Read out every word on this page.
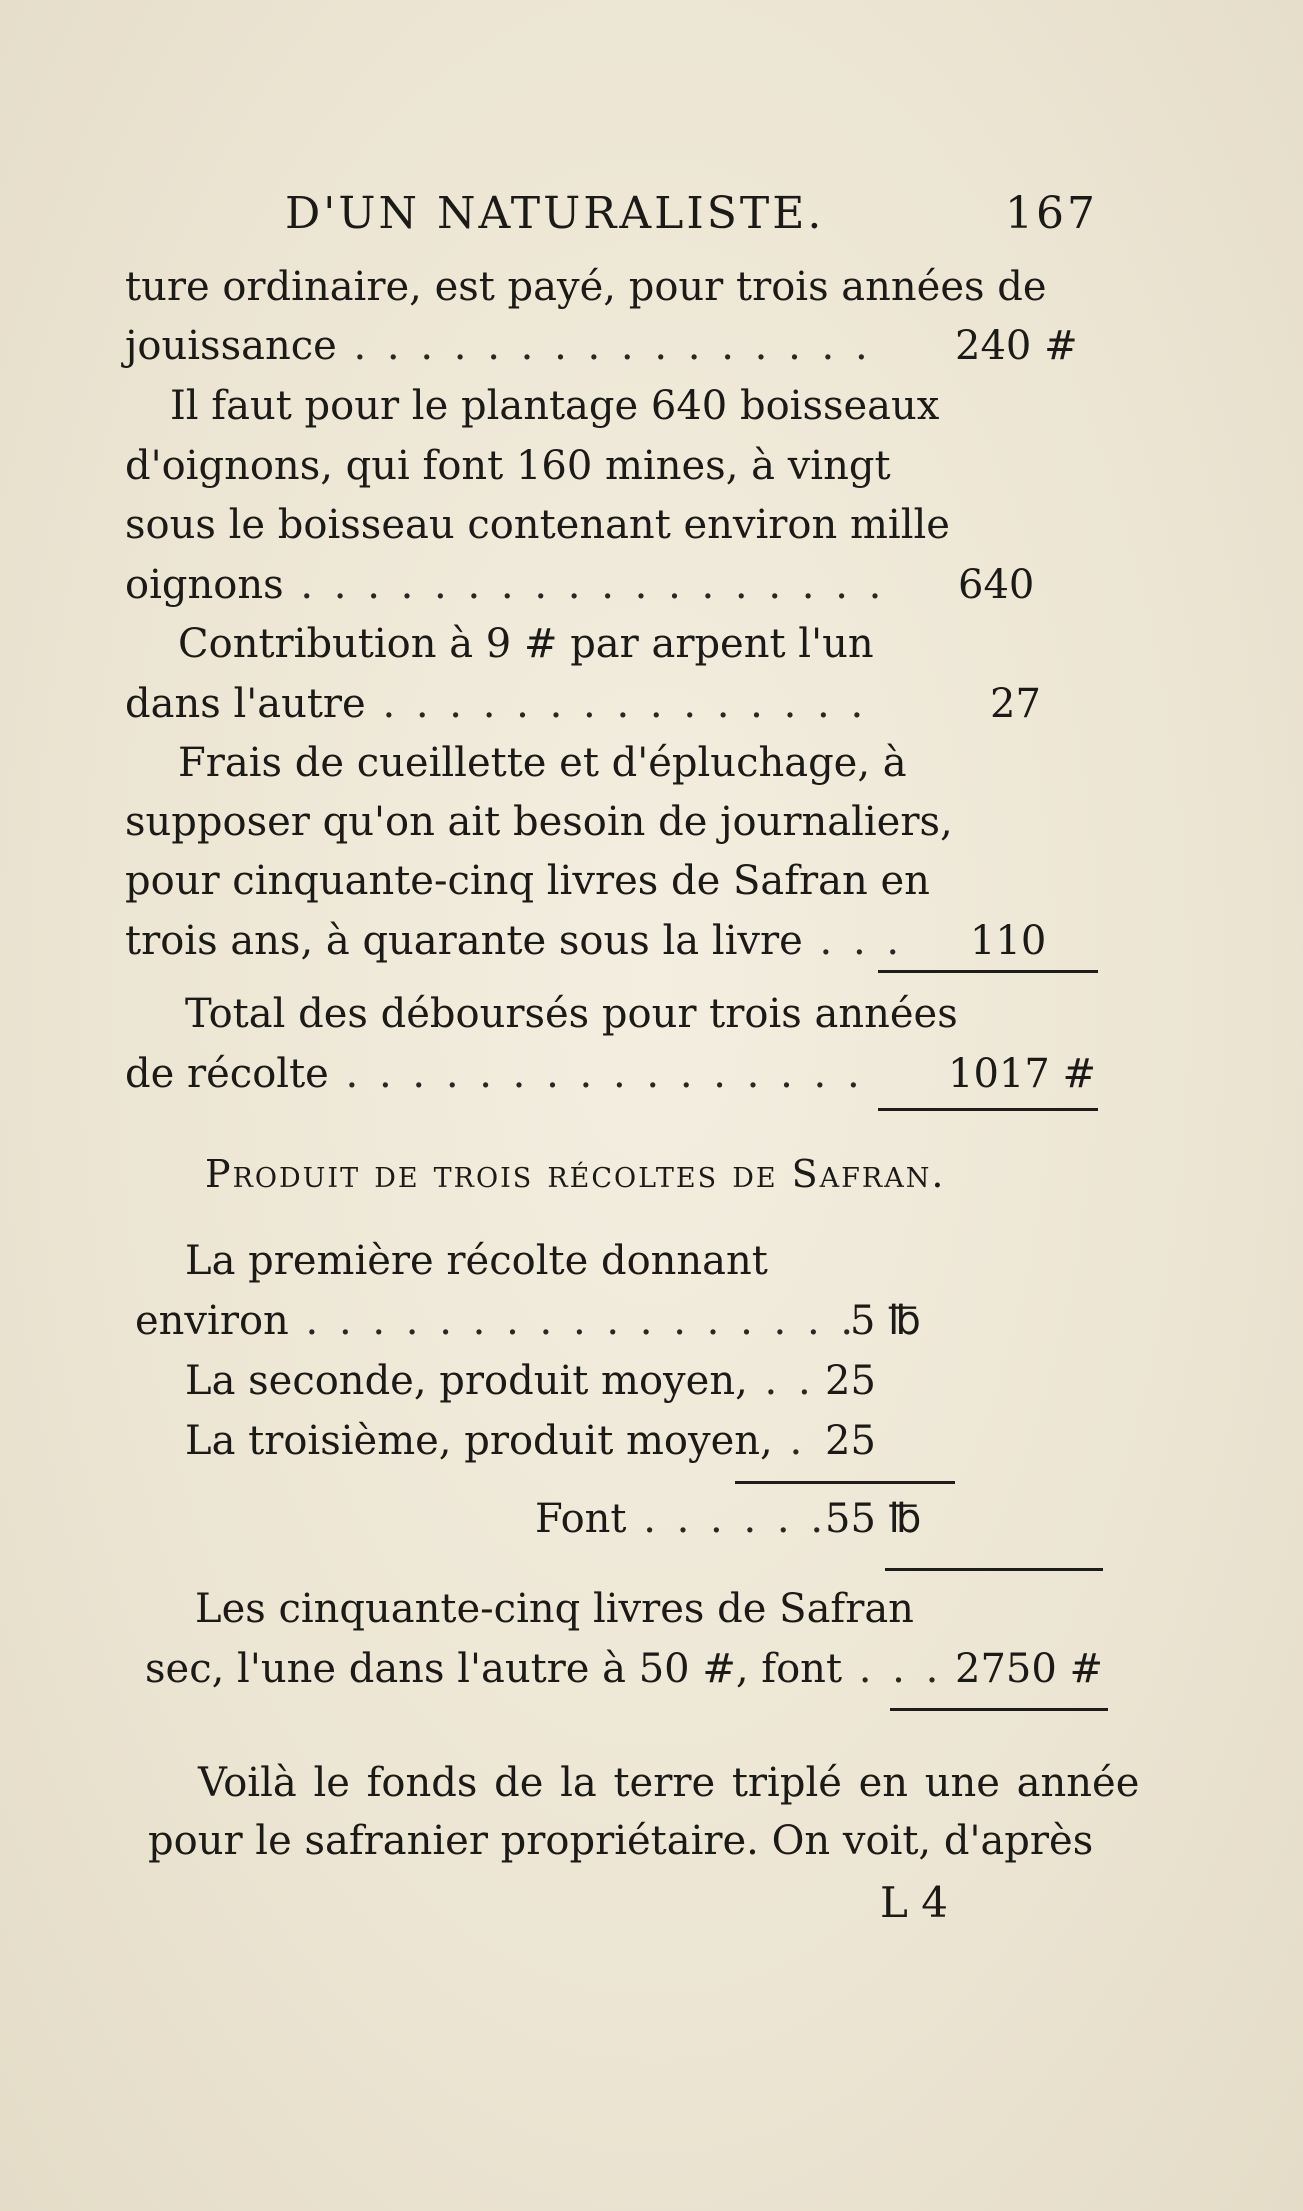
D'UN NATURALISTE.	167
ture ordinaire, est payé, pour trois années de
jouissance . . . . . . . . . . . . . . . . 240 #
Il faut pour le plantage 640 boisseaux
d'oignons, qui font 160 mines, à vingt
sous le boisseau contenant environ mille
oignons . . . . . . . . . . . . . . . . . . 640
Contribution à 9 # par arpent l'un
dans l'autre . . . . . . . . . . . . . . .	27
Frais de cueillette et d'épluchage, à
supposer qu'on ait besoin de journaliers,
pour cinquante-cinq livres de Safran en
trois ans, à quarante sous la livre . . . 110
Total des déboursés pour trois années
de récolte . . . . . . . . . . . . . . . . 1017 #
Produit de trois récoltes de Safran.
La première récolte donnant
environ . . . . . . . . . . . . . . . . .
5 ℔
La seconde, produit moyen, . . 25
La troisième, produit moyen, . 25
Font . . . . . .
55 ℔
Les cinquante-cinq livres de Safran
sec, l'une dans l'autre à 50 #, font . . . 2750 #
Voilà le fonds de la terre triplé en une année
pour le safranier propriétaire. On voit, d'après
L 4
